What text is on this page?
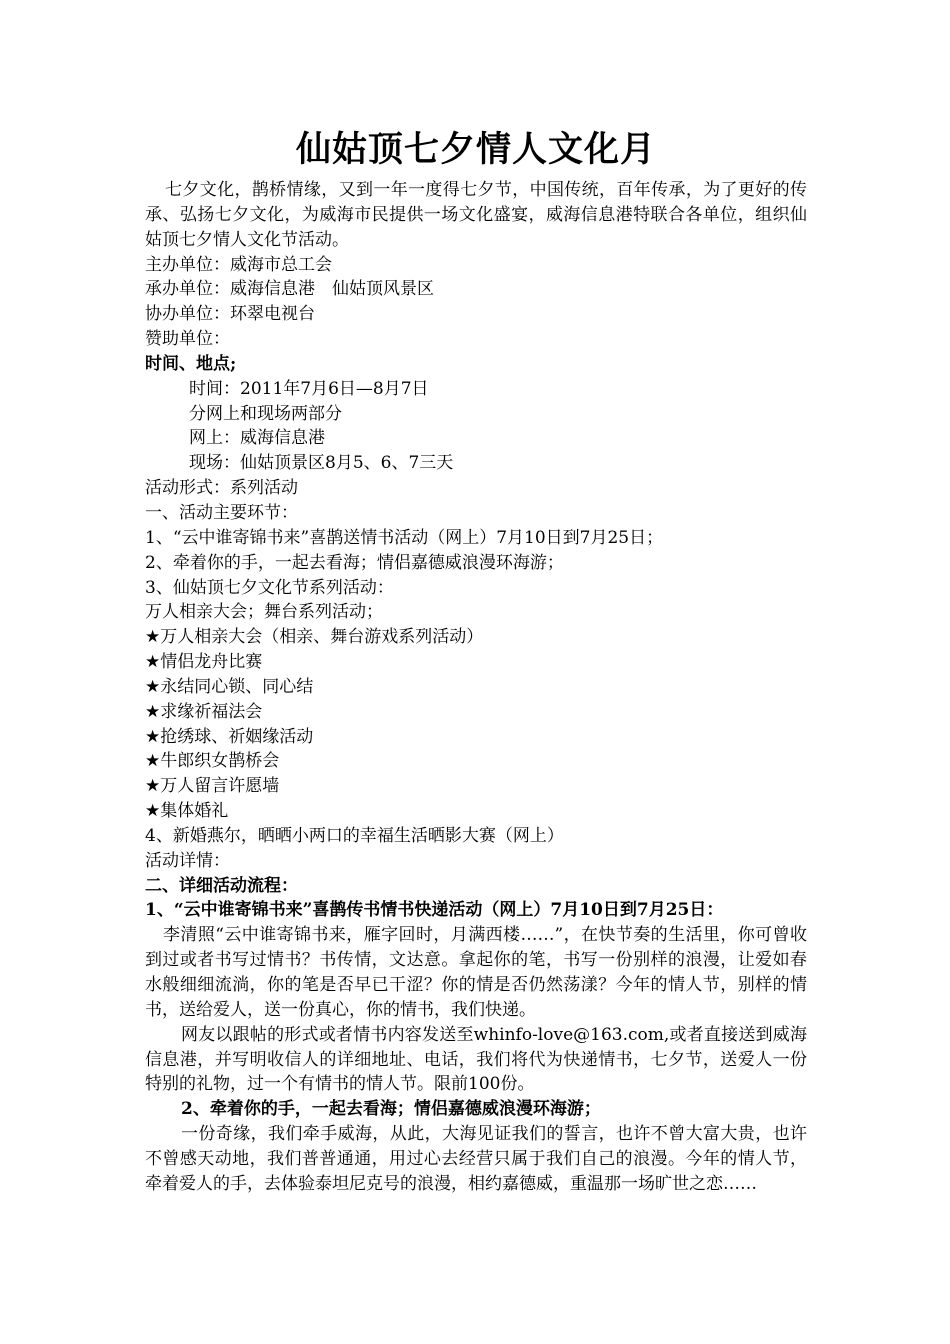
仙姑顶七夕情人文化月

七夕文化，鹊桥情缘，又到一年一度得七夕节，中国传统，百年传承，为了更好的传承、弘扬七夕文化，为威海市民提供一场文化盛宴，威海信息港特联合各单位，组织仙姑顶七夕情人文化节活动。

主办单位：威海市总工会

承办单位：威海信息港　仙姑顶风景区

协办单位：环翠电视台

赞助单位：

时间、地点;

时间：2011年7月6日—8月7日

分网上和现场两部分

网上：威海信息港

现场：仙姑顶景区8月5、6、7三天

活动形式：系列活动

一、活动主要环节：

1、“云中谁寄锦书来”喜鹊送情书活动（网上）7月10日到7月25日；

2、牵着你的手，一起去看海；情侣嘉德威浪漫环海游；

3、仙姑顶七夕文化节系列活动：

万人相亲大会；舞台系列活动；

★万人相亲大会（相亲、舞台游戏系列活动）

★情侣龙舟比赛

★永结同心锁、同心结

★求缘祈福法会

★抢绣球、祈姻缘活动

★牛郎织女鹊桥会

★万人留言许愿墙

★集体婚礼

4、新婚燕尔，晒晒小两口的幸福生活晒影大赛（网上）

活动详情：

二、详细活动流程：

1、“云中谁寄锦书来”喜鹊传书情书快递活动（网上）7月10日到7月25日：

李清照“云中谁寄锦书来，雁字回时，月满西楼……”，在快节奏的生活里，你可曾收到过或者书写过情书？书传情，文达意。拿起你的笔，书写一份别样的浪漫，让爱如春水般细细流淌，你的笔是否早已干涩？你的情是否仍然荡漾？今年的情人节，别样的情书，送给爱人，送一份真心，你的情书，我们快递。

网友以跟帖的形式或者情书内容发送至whinfo-love@163.com,或者直接送到威海信息港，并写明收信人的详细地址、电话，我们将代为快递情书，七夕节，送爱人一份特别的礼物，过一个有情书的情人节。限前100份。

2、牵着你的手，一起去看海；情侣嘉德威浪漫环海游；

一份奇缘，我们牵手威海，从此，大海见证我们的誓言，也许不曾大富大贵，也许不曾感天动地，我们普普通通，用过心去经营只属于我们自己的浪漫。今年的情人节，牵着爱人的手，去体验泰坦尼克号的浪漫，相约嘉德威，重温那一场旷世之恋……
